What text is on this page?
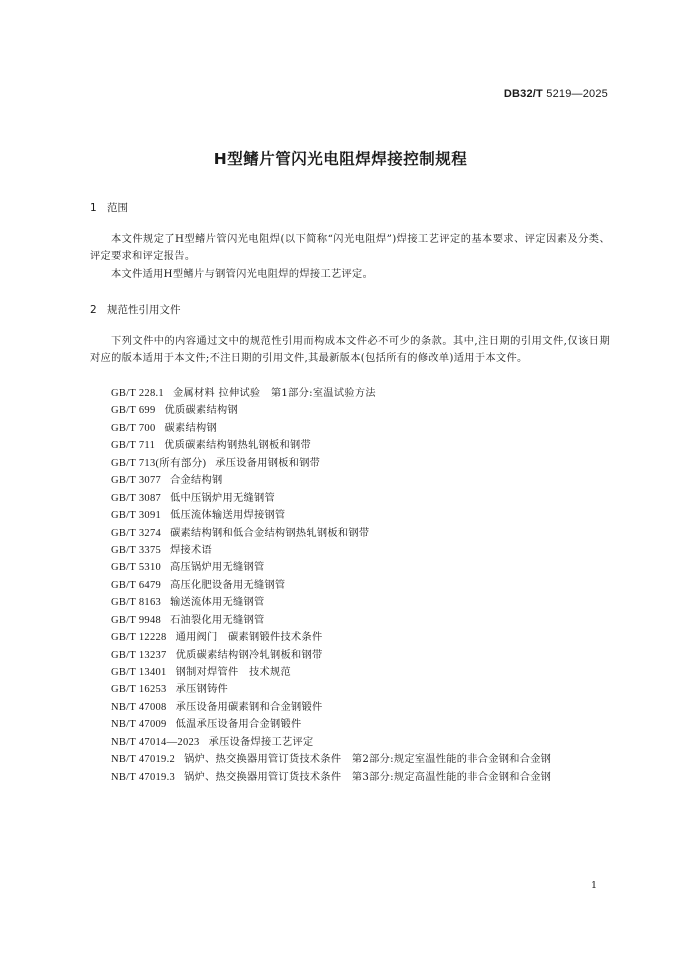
DB32/T 5219—2025
H型鳍片管闪光电阻焊焊接控制规程
1 范围

本文件规定了H型鳍片管闪光电阻焊(以下简称“闪光电阻焊”)焊接工艺评定的基本要求、评定因素及分类、评定要求和评定报告。

本文件适用H型鳍片与钢管闪光电阻焊的焊接工艺评定。

2 规范性引用文件

下列文件中的内容通过文中的规范性引用而构成本文件必不可少的条款。其中,注日期的引用文件,仅该日期对应的版本适用于本文件;不注日期的引用文件,其最新版本(包括所有的修改单)适用于本文件。

GB/T 228.1 金属材料 拉伸试验　第1部分:室温试验方法
GB/T 699 优质碳素结构钢
GB/T 700 碳素结构钢
GB/T 711 优质碳素结构钢热轧钢板和钢带
GB/T 713(所有部分) 承压设备用钢板和钢带
GB/T 3077 合金结构钢
GB/T 3087 低中压锅炉用无缝钢管
GB/T 3091 低压流体输送用焊接钢管
GB/T 3274 碳素结构钢和低合金结构钢热轧钢板和钢带
GB/T 3375 焊接术语
GB/T 5310 高压锅炉用无缝钢管
GB/T 6479 高压化肥设备用无缝钢管
GB/T 8163 输送流体用无缝钢管
GB/T 9948 石油裂化用无缝钢管
GB/T 12228 通用阀门　碳素钢锻件技术条件
GB/T 13237 优质碳素结构钢冷轧钢板和钢带
GB/T 13401 钢制对焊管件　技术规范
GB/T 16253 承压钢铸件
NB/T 47008 承压设备用碳素钢和合金钢锻件
NB/T 47009 低温承压设备用合金钢锻件
NB/T 47014—2023 承压设备焊接工艺评定
NB/T 47019.2 锅炉、热交换器用管订货技术条件　第2部分:规定室温性能的非合金钢和合金钢
NB/T 47019.3 锅炉、热交换器用管订货技术条件　第3部分:规定高温性能的非合金钢和合金钢
1
